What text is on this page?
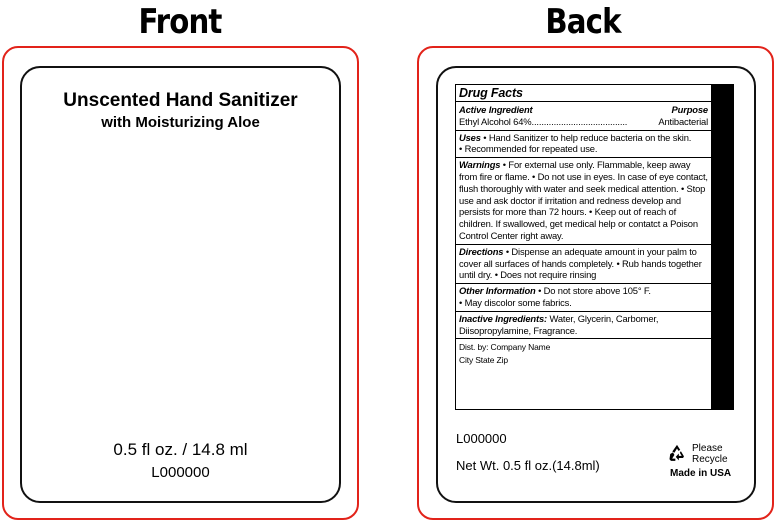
Front	Back
Unscented Hand Sanitizer
with Moisturizing Aloe
0.5 fl oz. / 14.8 ml
L000000
Drug Facts
Active Ingredient	Purpose
Ethyl Alcohol 64%.......................................	Antibacterial
Uses • Hand Sanitizer to help reduce bacteria on the skin.
• Recommended for repeated use.
Warnings • For external use only. Flammable, keep away from fire or flame. • Do not use in eyes. In case of eye contact, flush thoroughly with water and seek medical attention. • Stop use and ask doctor if irritation and redness develop and persists for more than 72 hours. • Keep out of reach of children. If swallowed, get medical help or contatct a Poison Control Center right away.
Directions • Dispense an adequate amount in your palm to cover all surfaces of hands completely. • Rub hands together until dry. • Does not require rinsing
Other Information • Do not store above 105° F.
• May discolor some fabrics.
Inactive Ingredients: Water, Glycerin, Carbomer, Diisopropylamine, Fragrance.
Dist. by: Company Name
City State Zip
L000000
Net Wt. 0.5 fl oz.(14.8ml)
Please
Recycle
Made in USA
